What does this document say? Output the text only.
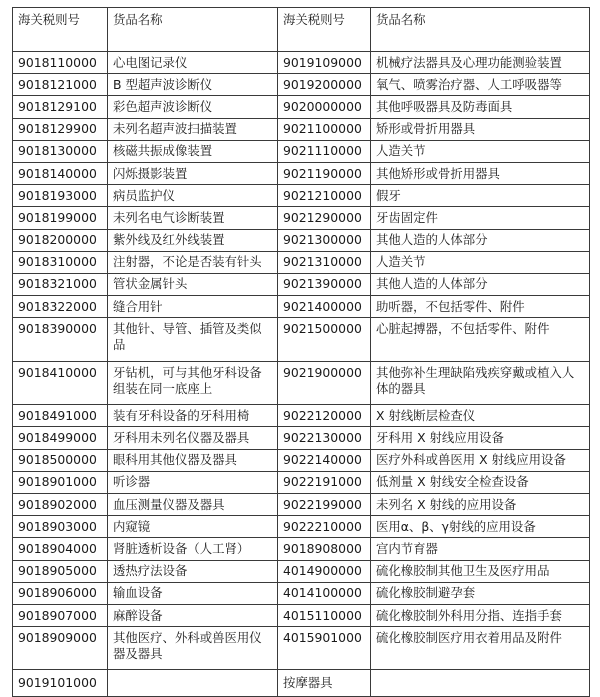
海关税则号	货品名称	海关税则号	货品名称
9018110000	心电图记录仪	9019109000	机械疗法器具及心理功能测验装置
9018121000	B 型超声波诊断仪	9019200000	氧气、喷雾治疗器、人工呼吸器等
9018129100	彩色超声波诊断仪	9020000000	其他呼吸器具及防毒面具
9018129900	未列名超声波扫描装置	9021100000	矫形或骨折用器具
9018130000	核磁共振成像装置	9021110000	人造关节
9018140000	闪烁摄影装置	9021190000	其他矫形或骨折用器具
9018193000	病员监护仪	9021210000	假牙
9018199000	未列名电气诊断装置	9021290000	牙齿固定件
9018200000	紫外线及红外线装置	9021300000	其他人造的人体部分
9018310000	注射器，不论是否装有针头	9021310000	人造关节
9018321000	管状金属针头	9021390000	其他人造的人体部分
9018322000	缝合用针	9021400000	助听器，不包括零件、附件
9018390000	其他针、导管、插管及类似品	9021500000	心脏起搏器，不包括零件、附件
9018410000	牙钻机，可与其他牙科设备组装在同一底座上	9021900000	其他弥补生理缺陷残疾穿戴或植入人体的器具
9018491000	装有牙科设备的牙科用椅	9022120000	X 射线断层检查仪
9018499000	牙科用未列名仪器及器具	9022130000	牙科用 X 射线应用设备
9018500000	眼科用其他仪器及器具	9022140000	医疗外科或兽医用 X 射线应用设备
9018901000	听诊器	9022191000	低剂量 X 射线安全检查设备
9018902000	血压测量仪器及器具	9022199000	未列名 X 射线的应用设备
9018903000	内窥镜	9022210000	医用α、β、γ射线的应用设备
9018904000	肾脏透析设备（人工肾）	9018908000	宫内节育器
9018905000	透热疗法设备	4014900000	硫化橡胶制其他卫生及医疗用品
9018906000	输血设备	4014100000	硫化橡胶制避孕套
9018907000	麻醉设备	4015110000	硫化橡胶制外科用分指、连指手套
9018909000	其他医疗、外科或兽医用仪器及器具	4015901000	硫化橡胶制医疗用衣着用品及附件
9019101000		按摩器具	
